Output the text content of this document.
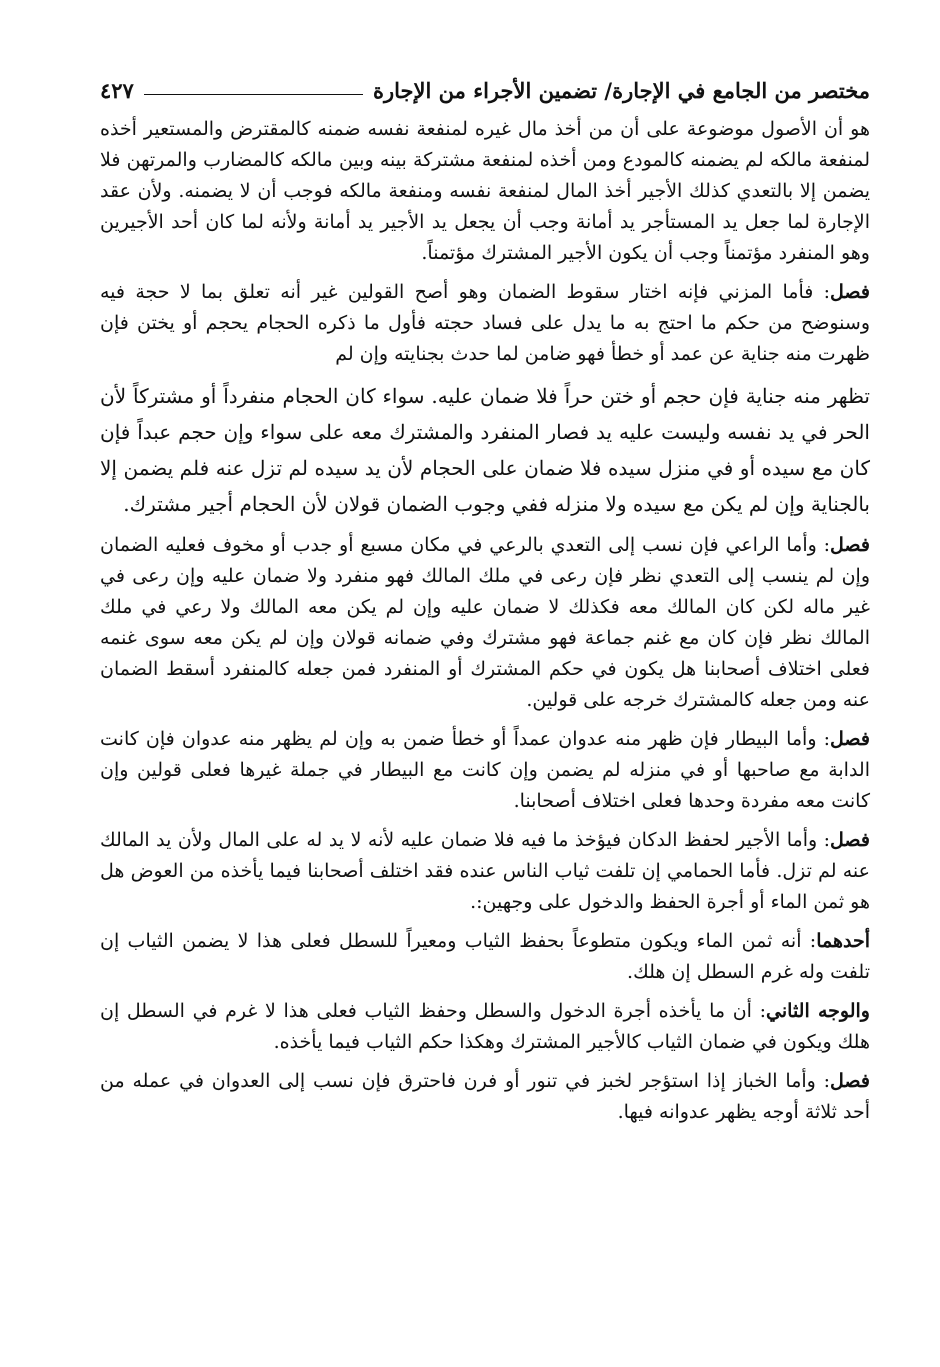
مختصر من الجامع في الإجارة/ تضمين الأجراء من الإجارة
٤٢٧

هو أن الأصول موضوعة على أن من أخذ مال غيره لمنفعة نفسه ضمنه كالمقترض والمستعير أخذه لمنفعة مالكه لم يضمنه كالمودع ومن أخذه لمنفعة مشتركة بينه وبين مالكه كالمضارب والمرتهن فلا يضمن إلا بالتعدي كذلك الأجير أخذ المال لمنفعة نفسه ومنفعة مالكه فوجب أن لا يضمنه. ولأن عقد الإجارة لما جعل يد المستأجر يد أمانة وجب أن يجعل يد الأجير يد أمانة ولأنه لما كان أحد الأجيرين وهو المنفرد مؤتمناً وجب أن يكون الأجير المشترك مؤتمناً.

فصل: فأما المزني فإنه اختار سقوط الضمان وهو أصح القولين غير أنه تعلق بما لا حجة فيه وسنوضح من حكم ما احتج به ما يدل على فساد حجته فأول ما ذكره الحجام يحجم أو يختن فإن ظهرت منه جناية عن عمد أو خطأ فهو ضامن لما حدث بجنايته وإن لم

تظهر منه جناية فإن حجم أو ختن حراً فلا ضمان عليه. سواء كان الحجام منفرداً أو مشتركاً لأن الحر في يد نفسه وليست عليه يد فصار المنفرد والمشترك معه على سواء وإن حجم عبداً فإن كان مع سيده أو في منزل سيده فلا ضمان على الحجام لأن يد سيده لم تزل عنه فلم يضمن إلا بالجناية وإن لم يكن مع سيده ولا منزله ففي وجوب الضمان قولان لأن الحجام أجير مشترك.

فصل: وأما الراعي فإن نسب إلى التعدي بالرعي في مكان مسبع أو جدب أو مخوف فعليه الضمان وإن لم ينسب إلى التعدي نظر فإن رعى في ملك المالك فهو منفرد ولا ضمان عليه وإن رعى في غير ماله لكن كان المالك معه فكذلك لا ضمان عليه وإن لم يكن معه المالك ولا رعي في ملك المالك نظر فإن كان مع غنم جماعة فهو مشترك وفي ضمانه قولان وإن لم يكن معه سوى غنمه فعلى اختلاف أصحابنا هل يكون في حكم المشترك أو المنفرد فمن جعله كالمنفرد أسقط الضمان عنه ومن جعله كالمشترك خرجه على قولين.

فصل: وأما البيطار فإن ظهر منه عدوان عمداً أو خطأ ضمن به وإن لم يظهر منه عدوان فإن كانت الدابة مع صاحبها أو في منزله لم يضمن وإن كانت مع البيطار في جملة غيرها فعلى قولين وإن كانت معه مفردة وحدها فعلى اختلاف أصحابنا.

فصل: وأما الأجير لحفظ الدكان فيؤخذ ما فيه فلا ضمان عليه لأنه لا يد له على المال ولأن يد المالك عنه لم تزل. فأما الحمامي إن تلفت ثياب الناس عنده فقد اختلف أصحابنا فيما يأخذه من العوض هل هو ثمن الماء أو أجرة الحفظ والدخول على وجهين:.

أحدهما: أنه ثمن الماء ويكون متطوعاً بحفظ الثياب ومعيراً للسطل فعلى هذا لا يضمن الثياب إن تلفت وله غرم السطل إن هلك.

والوجه الثاني: أن ما يأخذه أجرة الدخول والسطل وحفظ الثياب فعلى هذا لا غرم في السطل إن هلك ويكون في ضمان الثياب كالأجير المشترك وهكذا حكم الثياب فيما يأخذه.

فصل: وأما الخباز إذا استؤجر لخبز في تنور أو فرن فاحترق فإن نسب إلى العدوان في عمله من أحد ثلاثة أوجه يظهر عدوانه فيها.
